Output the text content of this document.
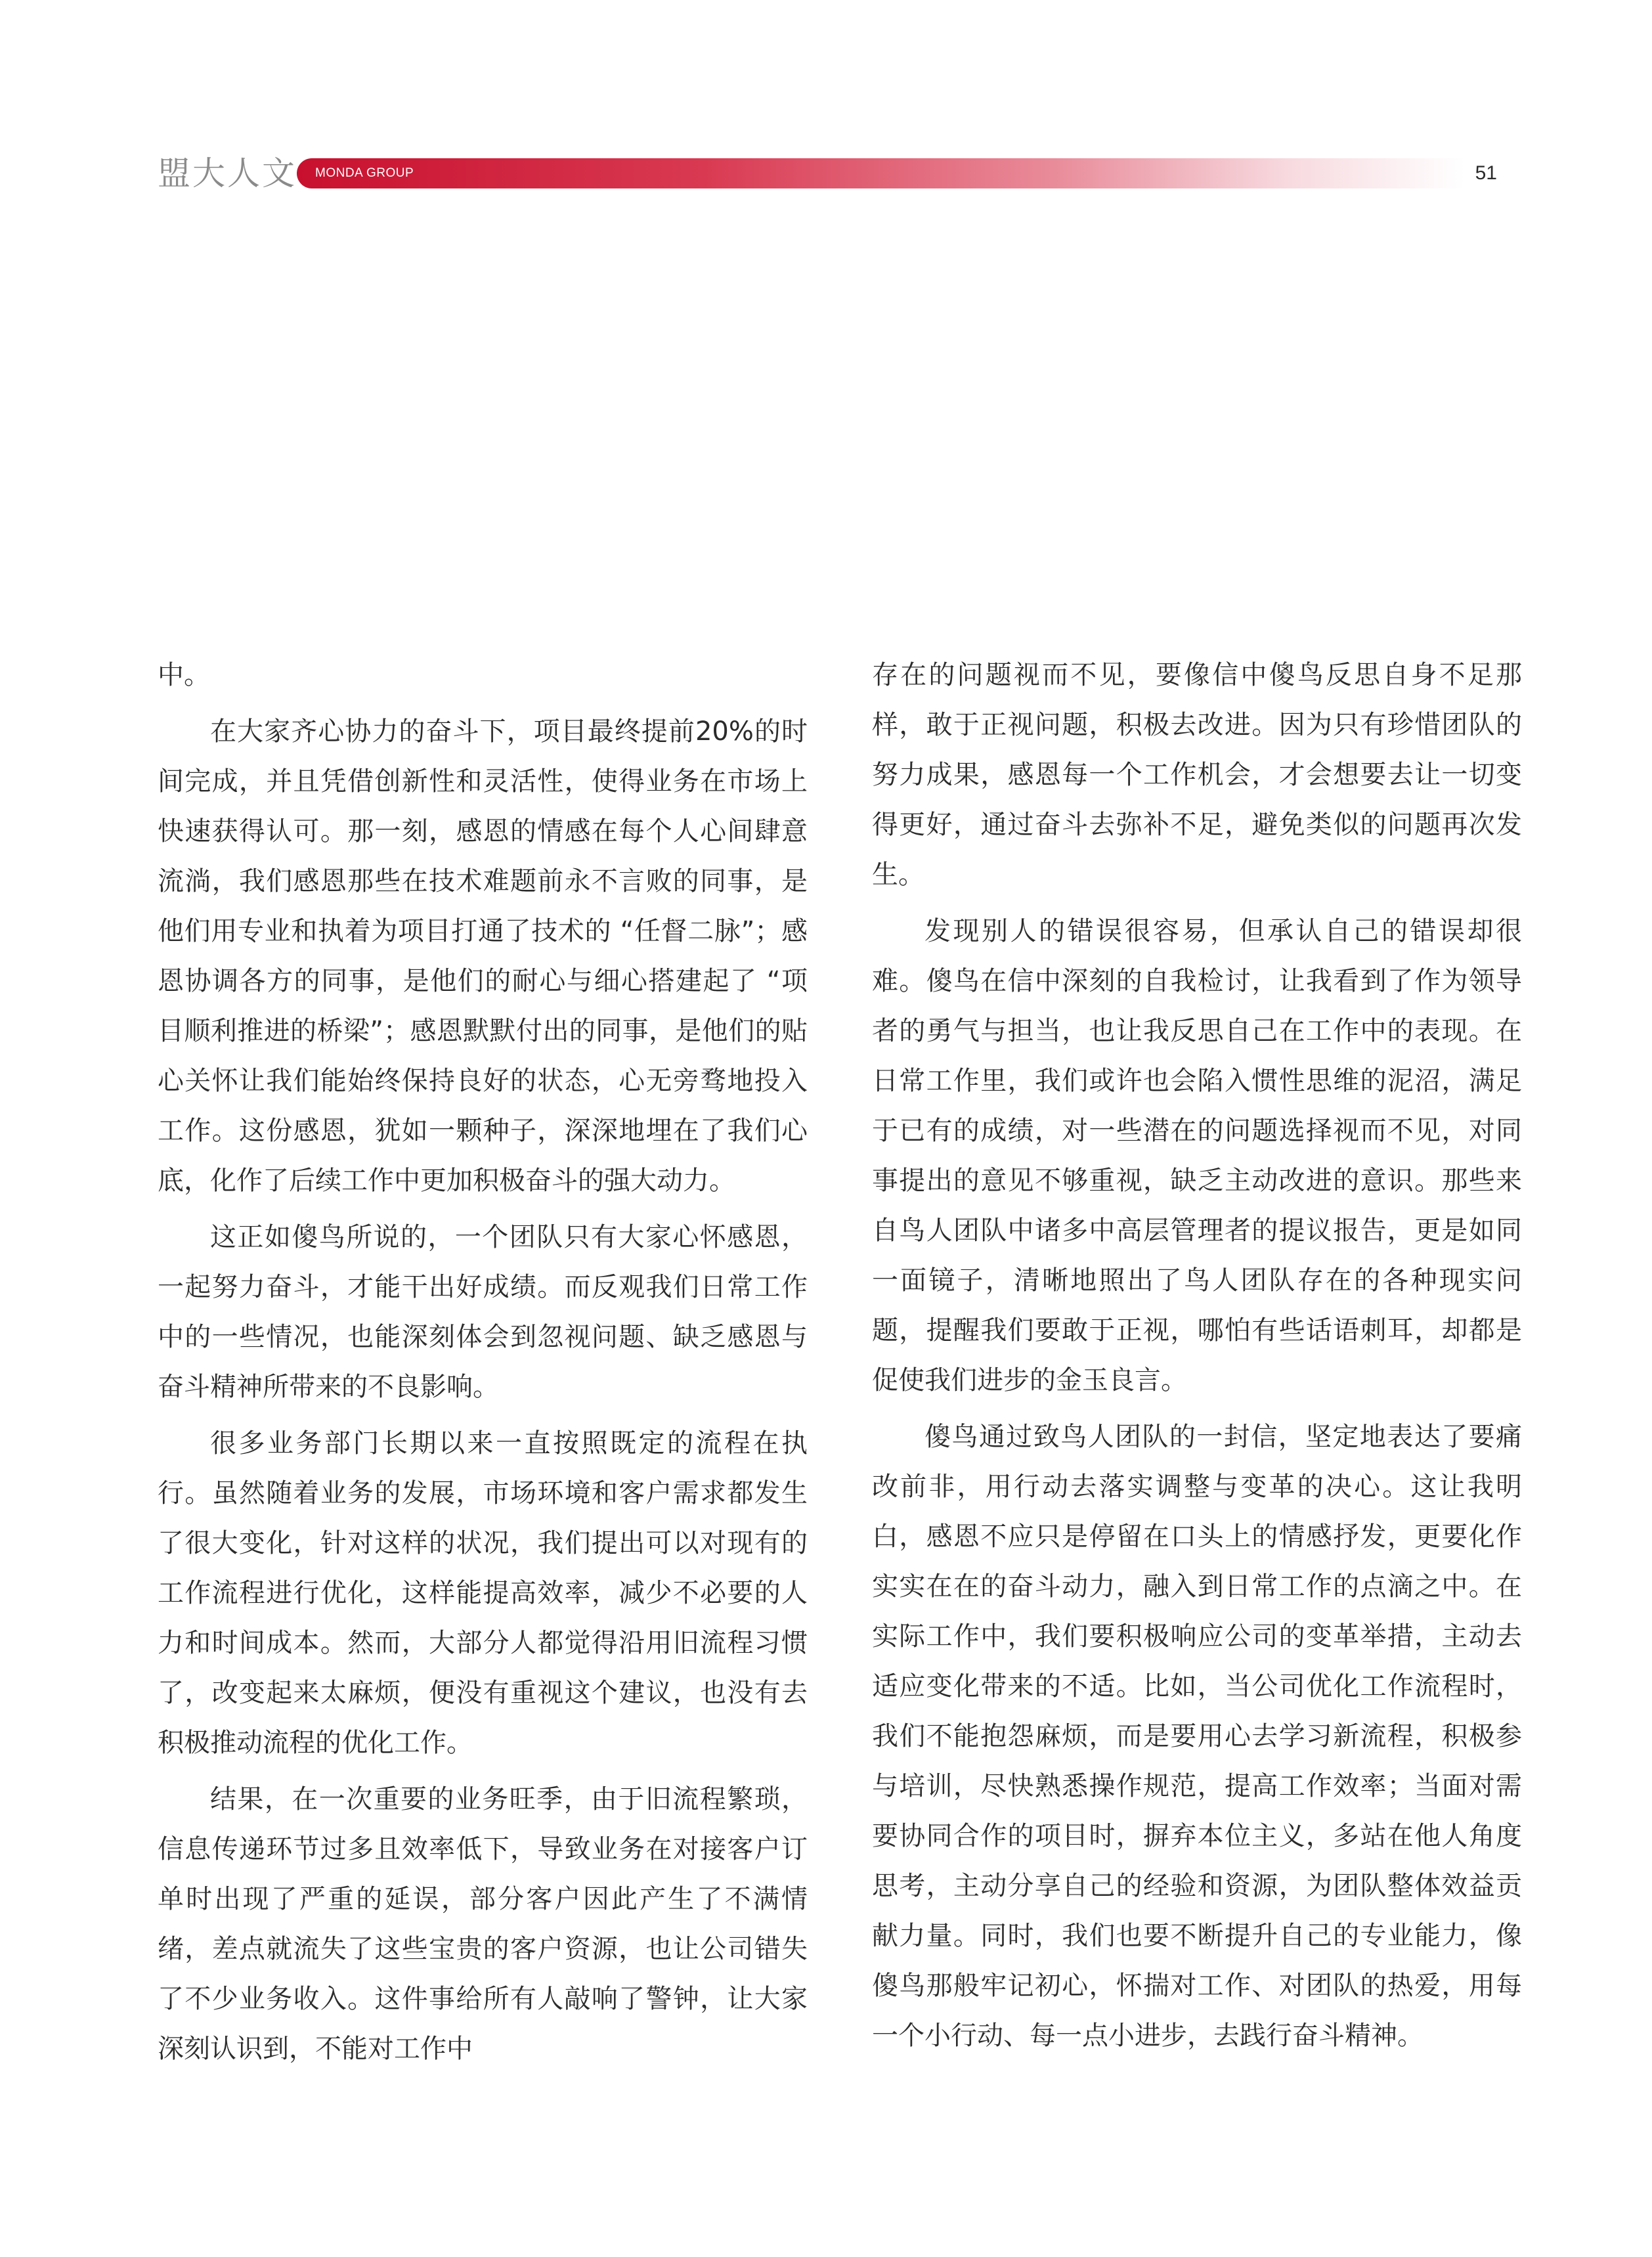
盟大人文 MONDA GROUP	51

中。

在大家齐心协力的奋斗下，项目最终提前20%的时间完成，并且凭借创新性和灵活性，使得业务在市场上快速获得认可。那一刻，感恩的情感在每个人心间肆意流淌，我们感恩那些在技术难题前永不言败的同事，是他们用专业和执着为项目打通了技术的 “任督二脉”；感恩协调各方的同事，是他们的耐心与细心搭建起了 “项目顺利推进的桥梁”；感恩默默付出的同事，是他们的贴心关怀让我们能始终保持良好的状态，心无旁骛地投入工作。这份感恩，犹如一颗种子，深深地埋在了我们心底，化作了后续工作中更加积极奋斗的强大动力。

这正如傻鸟所说的，一个团队只有大家心怀感恩，一起努力奋斗，才能干出好成绩。而反观我们日常工作中的一些情况，也能深刻体会到忽视问题、缺乏感恩与奋斗精神所带来的不良影响。

很多业务部门长期以来一直按照既定的流程在执行。虽然随着业务的发展，市场环境和客户需求都发生了很大变化，针对这样的状况，我们提出可以对现有的工作流程进行优化，这样能提高效率，减少不必要的人力和时间成本。然而，大部分人都觉得沿用旧流程习惯了，改变起来太麻烦，便没有重视这个建议，也没有去积极推动流程的优化工作。

结果，在一次重要的业务旺季，由于旧流程繁琐，信息传递环节过多且效率低下，导致业务在对接客户订单时出现了严重的延误，部分客户因此产生了不满情绪，差点就流失了这些宝贵的客户资源，也让公司错失了不少业务收入。这件事给所有人敲响了警钟，让大家深刻认识到，不能对工作中

存在的问题视而不见，要像信中傻鸟反思自身不足那样，敢于正视问题，积极去改进。因为只有珍惜团队的努力成果，感恩每一个工作机会，才会想要去让一切变得更好，通过奋斗去弥补不足，避免类似的问题再次发生。

发现别人的错误很容易，但承认自己的错误却很难。傻鸟在信中深刻的自我检讨，让我看到了作为领导者的勇气与担当，也让我反思自己在工作中的表现。在日常工作里，我们或许也会陷入惯性思维的泥沼，满足于已有的成绩，对一些潜在的问题选择视而不见，对同事提出的意见不够重视，缺乏主动改进的意识。那些来自鸟人团队中诸多中高层管理者的提议报告，更是如同一面镜子，清晰地照出了鸟人团队存在的各种现实问题，提醒我们要敢于正视，哪怕有些话语刺耳，却都是促使我们进步的金玉良言。

傻鸟通过致鸟人团队的一封信，坚定地表达了要痛改前非，用行动去落实调整与变革的决心。这让我明白，感恩不应只是停留在口头上的情感抒发，更要化作实实在在的奋斗动力，融入到日常工作的点滴之中。在实际工作中，我们要积极响应公司的变革举措，主动去适应变化带来的不适。比如，当公司优化工作流程时，我们不能抱怨麻烦，而是要用心去学习新流程，积极参与培训，尽快熟悉操作规范，提高工作效率；当面对需要协同合作的项目时，摒弃本位主义，多站在他人角度思考，主动分享自己的经验和资源，为团队整体效益贡献力量。同时，我们也要不断提升自己的专业能力，像傻鸟那般牢记初心，怀揣对工作、对团队的热爱，用每一个小行动、每一点小进步，去践行奋斗精神。
